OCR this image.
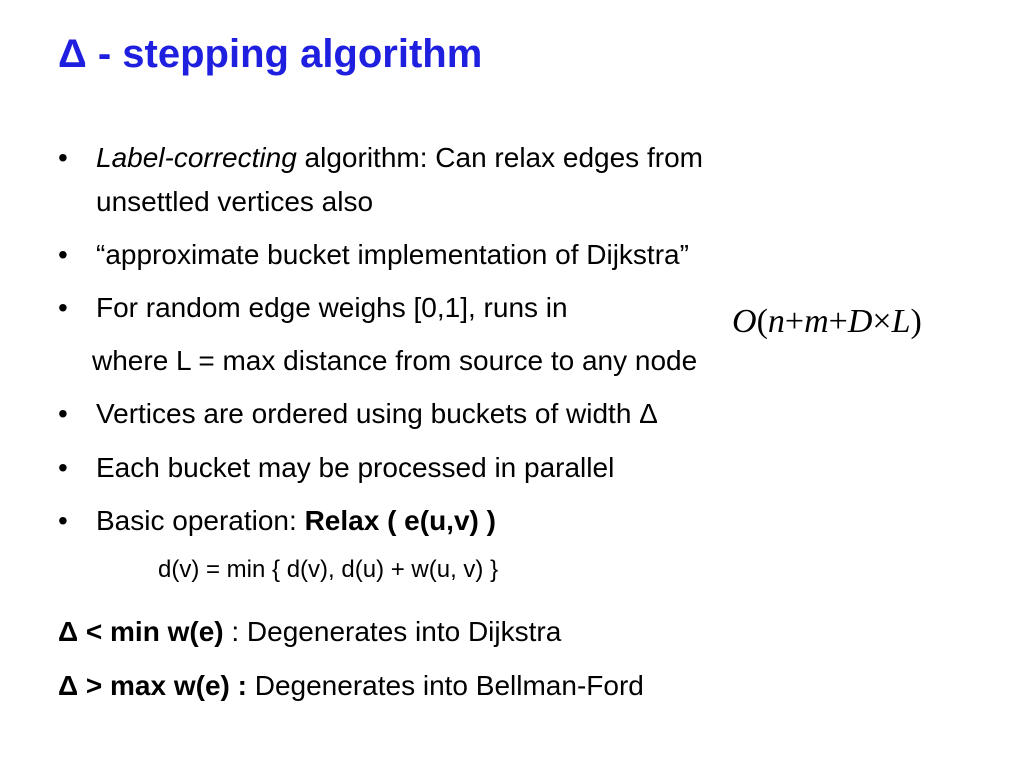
Δ - stepping algorithm
• Label-correcting algorithm: Can relax edges from
unsettled vertices also
• “approximate bucket implementation of Dijkstra”
• For random edge weighs [0,1], runs in	O(n+m+D×L)
where L = max distance from source to any node
• Vertices are ordered using buckets of width Δ
• Each bucket may be processed in parallel
• Basic operation: Relax ( e(u,v) )
d(v) = min { d(v), d(u) + w(u, v) }
Δ < min w(e) : Degenerates into Dijkstra
Δ > max w(e) : Degenerates into Bellman-Ford
